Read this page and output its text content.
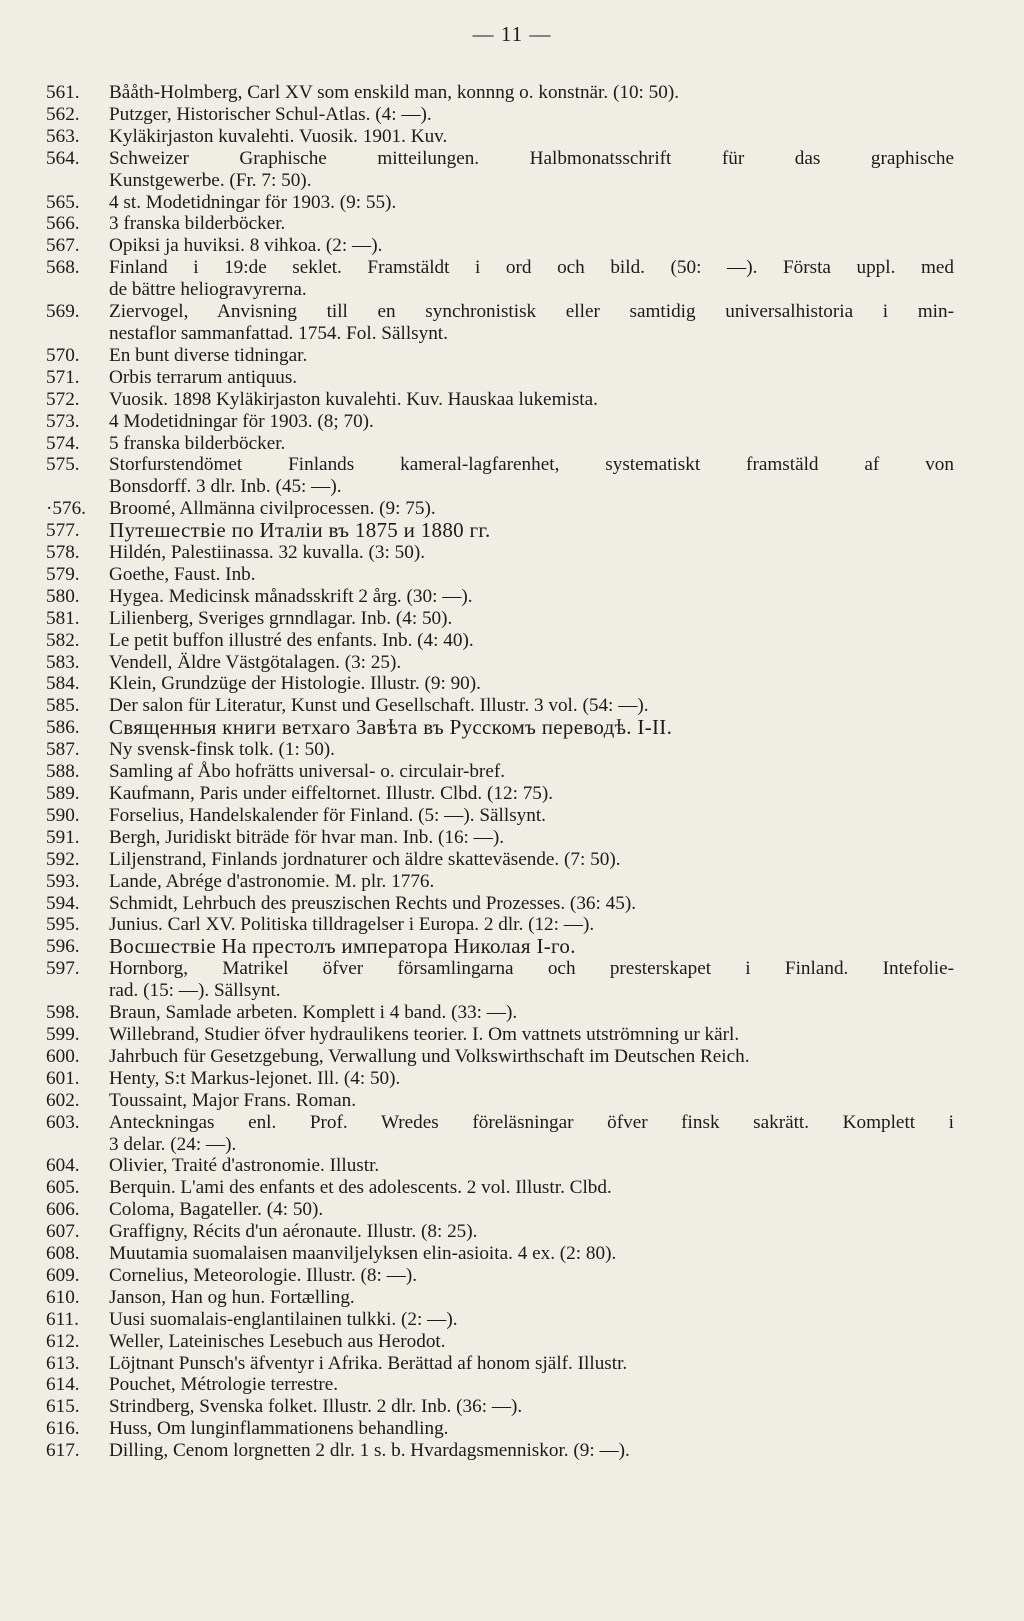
— 11 —
561.	Bååth-Holmberg, Carl XV som enskild man, konnng o. konstnär. (10: 50).
562.	Putzger, Historischer Schul-Atlas. (4: —).
563.	Kyläkirjaston kuvalehti. Vuosik. 1901. Kuv.
564.	Schweizer Graphische mitteilungen. Halbmonatsschrift für das graphische
Kunstgewerbe. (Fr. 7: 50).
565.	4 st. Modetidningar för 1903. (9: 55).
566.	3 franska bilderböcker.
567.	Opiksi ja huviksi. 8 vihkoa. (2: —).
568.	Finland i 19:de seklet. Framstäldt i ord och bild. (50: —). Första uppl. med
de bättre heliogravyrerna.
569.	Ziervogel, Anvisning till en synchronistisk eller samtidig universalhistoria i min-
nestaflor sammanfattad. 1754. Fol. Sällsynt.
570.	En bunt diverse tidningar.
571.	Orbis terrarum antiquus.
572.	Vuosik. 1898 Kyläkirjaston kuvalehti. Kuv. Hauskaa lukemista.
573.	4 Modetidningar för 1903. (8; 70).
574.	5 franska bilderböcker.
575.	Storfurstendömet Finlands kameral-lagfarenhet, systematiskt framstäld af von
Bonsdorff. 3 dlr. Inb. (45: —).
·576.	Broomé, Allmänna civilprocessen. (9: 75).
577.	Путешествіе по Италіи въ 1875 и 1880 гг.
578.	Hildén, Palestiinassa. 32 kuvalla. (3: 50).
579.	Goethe, Faust. Inb.
580.	Hygea. Medicinsk månadsskrift 2 årg. (30: —).
581.	Lilienberg, Sveriges grnndlagar. Inb. (4: 50).
582.	Le petit buffon illustré des enfants. Inb. (4: 40).
583.	Vendell, Äldre Västgötalagen. (3: 25).
584.	Klein, Grundzüge der Histologie. Illustr. (9: 90).
585.	Der salon für Literatur, Kunst und Gesellschaft. Illustr. 3 vol. (54: —).
586.	Священныя книги ветхаго Завѣта въ Русскомъ переводѣ. I-II.
587.	Ny svensk-finsk tolk. (1: 50).
588.	Samling af Åbo hofrätts universal- o. circulair-bref.
589.	Kaufmann, Paris under eiffeltornet. Illustr. Clbd. (12: 75).
590.	Forselius, Handelskalender för Finland. (5: —). Sällsynt.
591.	Bergh, Juridiskt biträde för hvar man. Inb. (16: —).
592.	Liljenstrand, Finlands jordnaturer och äldre skatteväsende. (7: 50).
593.	Lande, Abrége d'astronomie. M. plr. 1776.
594.	Schmidt, Lehrbuch des preuszischen Rechts und Prozesses. (36: 45).
595.	Junius. Carl XV. Politiska tilldragelser i Europa. 2 dlr. (12: —).
596.	Восшествіе На престолъ императора Николая I-го.
597.	Hornborg, Matrikel öfver församlingarna och presterskapet i Finland. Intefolie-
rad. (15: —). Sällsynt.
598.	Braun, Samlade arbeten. Komplett i 4 band. (33: —).
599.	Willebrand, Studier öfver hydraulikens teorier. I. Om vattnets utströmning ur kärl.
600.	Jahrbuch für Gesetzgebung, Verwallung und Volkswirthschaft im Deutschen Reich.
601.	Henty, S:t Markus-lejonet. Ill. (4: 50).
602.	Toussaint, Major Frans. Roman.
603.	Anteckningas enl. Prof. Wredes föreläsningar öfver finsk sakrätt. Komplett i
3 delar. (24: —).
604.	Olivier, Traité d'astronomie. Illustr.
605.	Berquin. L'ami des enfants et des adolescents. 2 vol. Illustr. Clbd.
606.	Coloma, Bagateller. (4: 50).
607.	Graffigny, Récits d'un aéronaute. Illustr. (8: 25).
608.	Muutamia suomalaisen maanviljelyksen elin-asioita. 4 ex. (2: 80).
609.	Cornelius, Meteorologie. Illustr. (8: —).
610.	Janson, Han og hun. Fortælling.
611.	Uusi suomalais-englantilainen tulkki. (2: —).
612.	Weller, Lateinisches Lesebuch aus Herodot.
613.	Löjtnant Punsch's äfventyr i Afrika. Berättad af honom själf. Illustr.
614.	Pouchet, Métrologie terrestre.
615.	Strindberg, Svenska folket. Illustr. 2 dlr. Inb. (36: —).
616.	Huss, Om lunginflammationens behandling.
617.	Dilling, Cenom lorgnetten 2 dlr. 1 s. b. Hvardagsmenniskor. (9: —).
